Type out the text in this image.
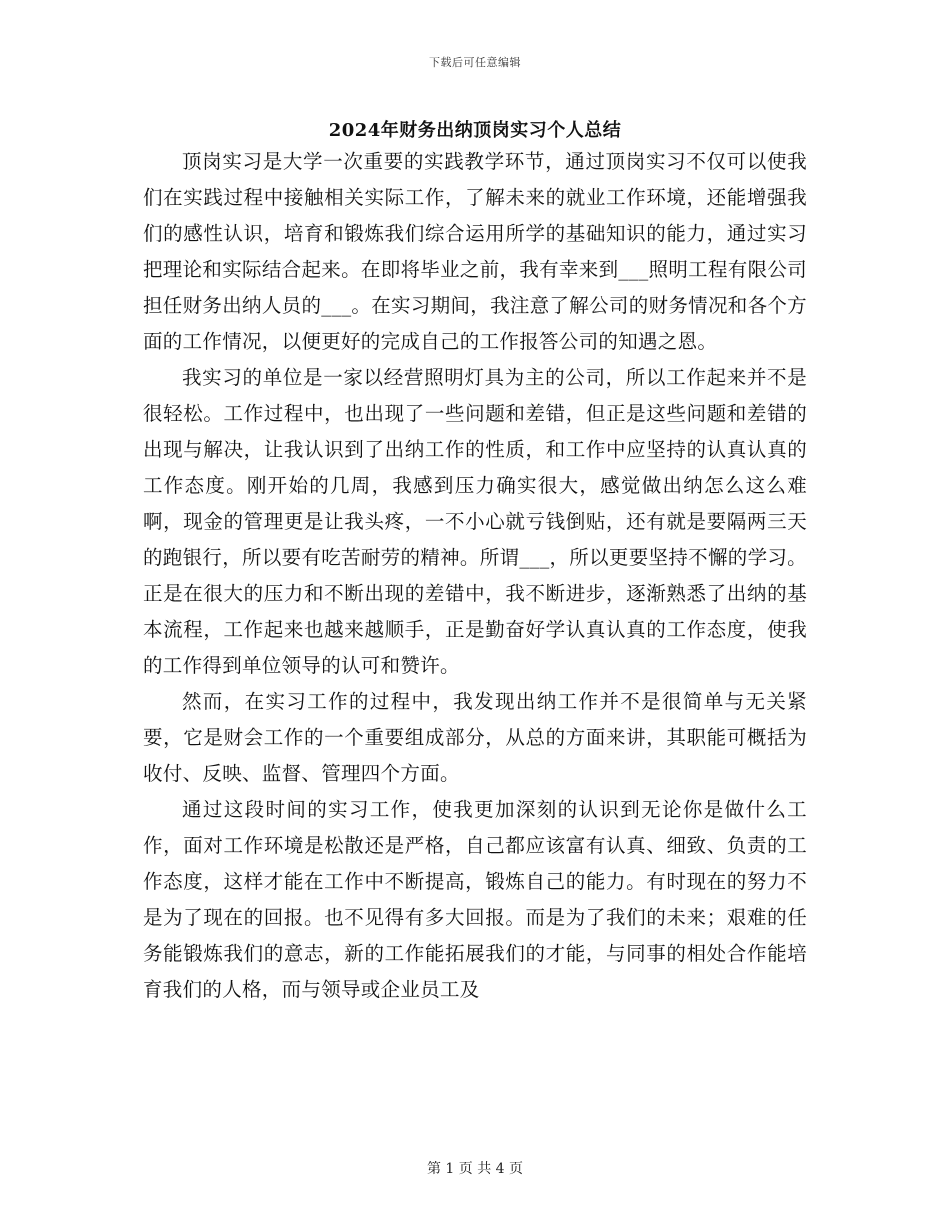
下载后可任意编辑
2024年财务出纳顶岗实习个人总结

顶岗实习是大学一次重要的实践教学环节，通过顶岗实习不仅可以使我们在实践过程中接触相关实际工作，了解未来的就业工作环境，还能增强我们的感性认识，培育和锻炼我们综合运用所学的基础知识的能力，通过实习把理论和实际结合起来。在即将毕业之前，我有幸来到___照明工程有限公司担任财务出纳人员的___。在实习期间，我注意了解公司的财务情况和各个方面的工作情况，以便更好的完成自己的工作报答公司的知遇之恩。

我实习的单位是一家以经营照明灯具为主的公司，所以工作起来并不是很轻松。工作过程中，也出现了一些问题和差错，但正是这些问题和差错的出现与解决，让我认识到了出纳工作的性质，和工作中应坚持的认真认真的工作态度。刚开始的几周，我感到压力确实很大，感觉做出纳怎么这么难啊，现金的管理更是让我头疼，一不小心就亏钱倒贴，还有就是要隔两三天的跑银行，所以要有吃苦耐劳的精神。所谓___，所以更要坚持不懈的学习。正是在很大的压力和不断出现的差错中，我不断进步，逐渐熟悉了出纳的基本流程，工作起来也越来越顺手，正是勤奋好学认真认真的工作态度，使我的工作得到单位领导的认可和赞许。

然而，在实习工作的过程中，我发现出纳工作并不是很简单与无关紧要，它是财会工作的一个重要组成部分，从总的方面来讲，其职能可概括为收付、反映、监督、管理四个方面。

通过这段时间的实习工作，使我更加深刻的认识到无论你是做什么工作，面对工作环境是松散还是严格，自己都应该富有认真、细致、负责的工作态度，这样才能在工作中不断提高，锻炼自己的能力。有时现在的努力不是为了现在的回报。也不见得有多大回报。而是为了我们的未来；艰难的任务能锻炼我们的意志，新的工作能拓展我们的才能，与同事的相处合作能培育我们的人格，而与领导或企业员工及

第 1 页 共 4 页
